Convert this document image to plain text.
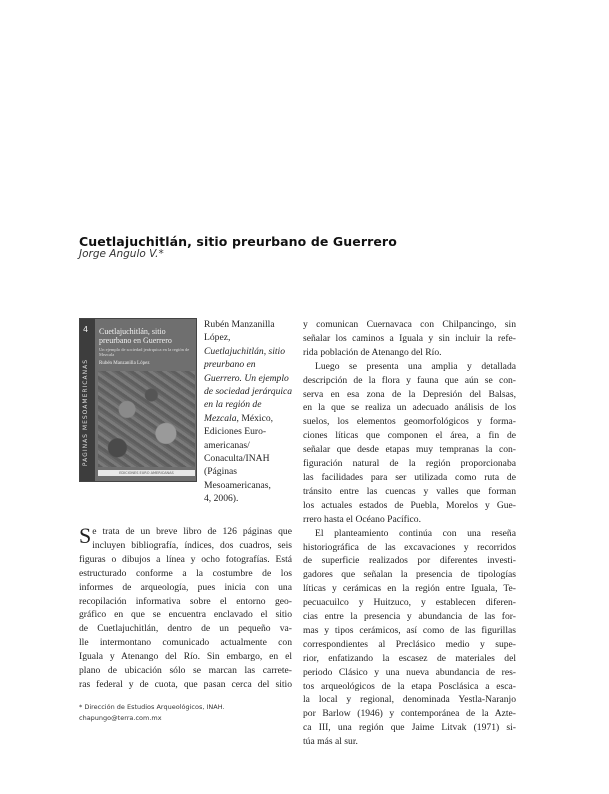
Cuetlajuchitlán, sitio preurbano de Guerrero
Jorge Angulo V.*
4
PÁGINAS MESOAMERICANAS
Cuetlajuchitlán, sitio preurbano en Guerrero
Un ejemplo de sociedad jerárquica en la región de Mezcala
Rubén Manzanilla López
EDICIONES EURO AMERICANAS
Rubén Manzanilla
López,
Cuetlajuchitlán, sitio
preurbano en
Guerrero. Un ejemplo
de sociedad jerárquica
en la región de
Mezcala, México,
Ediciones Euro-
americanas/
Conaculta/INAH
(Páginas
Mesoamericanas,
4, 2006).
S e trata de un breve libro de 126 páginas que
incluyen bibliografía, índices, dos cuadros, seis
figuras o dibujos a línea y ocho fotografías. Está
estructurado conforme a la costumbre de los
informes de arqueología, pues inicia con una
recopilación informativa sobre el entorno geo-
gráfico en que se encuentra enclavado el sitio
de Cuetlajuchitlán, dentro de un pequeño va-
lle intermontano comunicado actualmente con
Iguala y Atenango del Río. Sin embargo, en el
plano de ubicación sólo se marcan las carrete-
ras federal y de cuota, que pasan cerca del sitio
y comunican Cuernavaca con Chilpancingo, sin
señalar los caminos a Iguala y sin incluir la refe-
rida población de Atenango del Río.
Luego se presenta una amplia y detallada
descripción de la flora y fauna que aún se con-
serva en esa zona de la Depresión del Balsas,
en la que se realiza un adecuado análisis de los
suelos, los elementos geomorfológicos y forma-
ciones líticas que componen el área, a fin de
señalar que desde etapas muy tempranas la con-
figuración natural de la región proporcionaba
las facilidades para ser utilizada como ruta de
tránsito entre las cuencas y valles que forman
los actuales estados de Puebla, Morelos y Gue-
rrero hasta el Océano Pacífico.
El planteamiento continúa con una reseña
historiográfica de las excavaciones y recorridos
de superficie realizados por diferentes investi-
gadores que señalan la presencia de tipologías
líticas y cerámicas en la región entre Iguala, Te-
pecuacuilco y Huitzuco, y establecen diferen-
cias entre la presencia y abundancia de las for-
mas y tipos cerámicos, así como de las figurillas
correspondientes al Preclásico medio y supe-
rior, enfatizando la escasez de materiales del
periodo Clásico y una nueva abundancia de res-
tos arqueológicos de la etapa Posclásica a esca-
la local y regional, denominada Yestla-Naranjo
por Barlow (1946) y contemporánea de la Azte-
ca III, una región que Jaime Litvak (1971) si-
túa más al sur.
* Dirección de Estudios Arqueológicos, INAH.
chapungo@terra.com.mx
